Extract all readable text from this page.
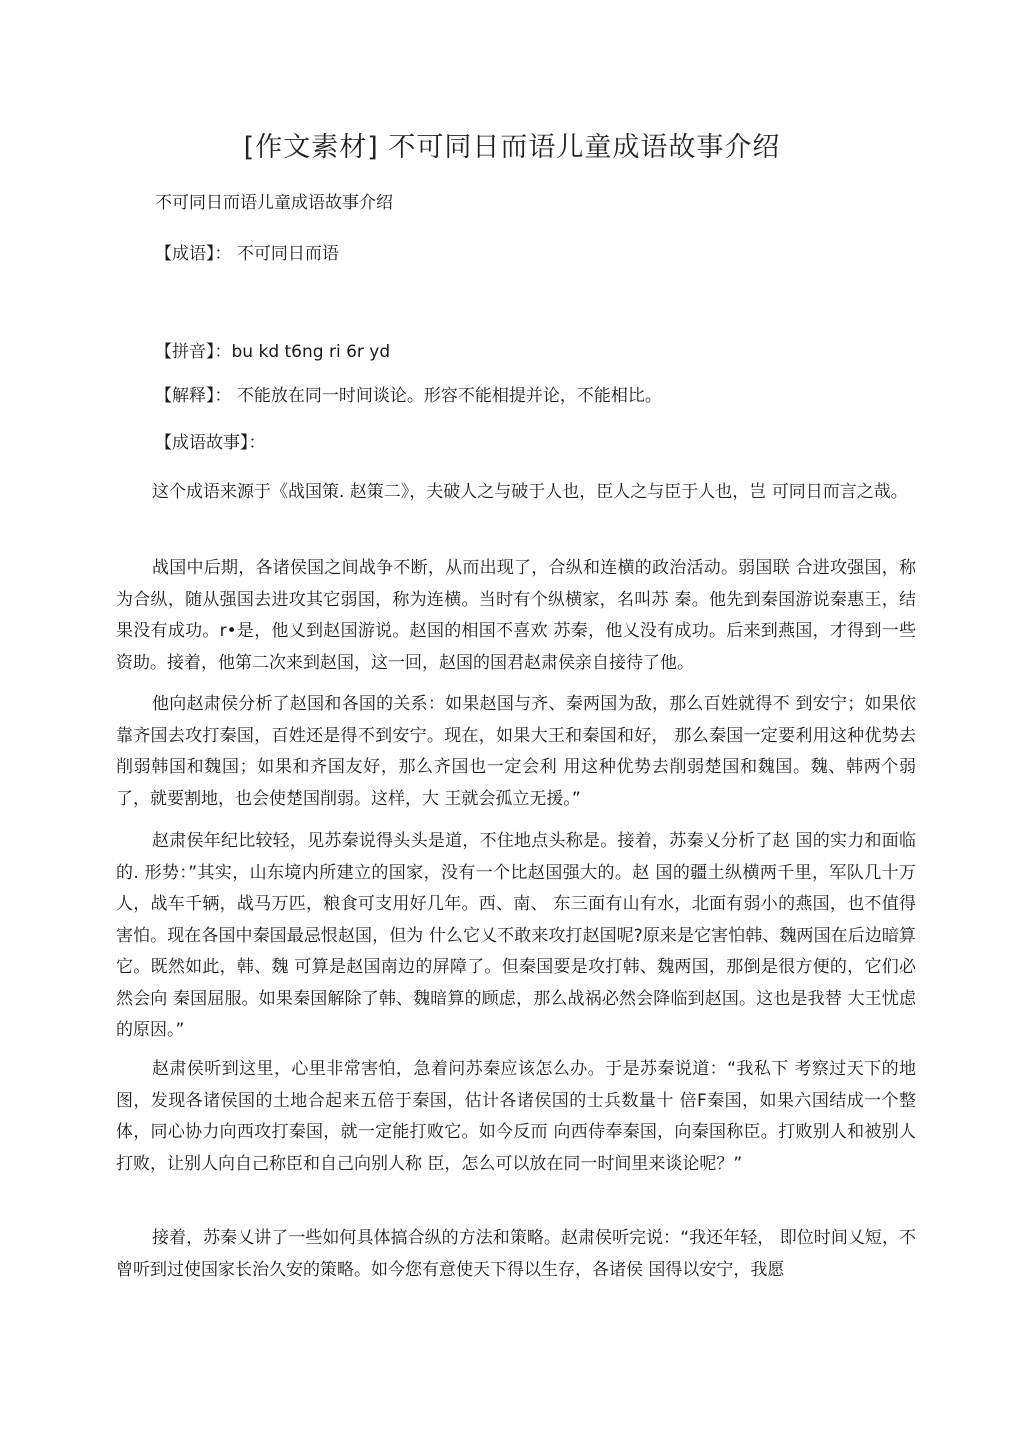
[作文素材] 不可同日而语儿童成语故事介绍
不可同日而语儿童成语故事介绍
【成语】： 不可同日而语
【拼音】：bu kd t6ng ri 6r yd
【解释】： 不能放在同一时间谈论。形容不能相提并论，不能相比。
【成语故事】：
这个成语来源于《战国策. 赵策二》，夫破人之与破于人也，臣人之与臣于人也，岂 可同日而言之哉。
战国中后期，各诸侯国之间战争不断，从而出现了，合纵和连横的政治活动。弱国联 合进攻强国，称为合纵，随从强国去进攻其它弱国，称为连横。当时有个纵横家，名叫苏 秦。他先到秦国游说秦惠王，结果没有成功。r•是，他乂到赵国游说。赵国的相国不喜欢 苏秦，他乂没有成功。后来到燕国，才得到一些资助。接着，他第二次来到赵国，这一回，赵国的国君赵肃侯亲自接待了他。
他向赵肃侯分析了赵国和各国的关系：如果赵国与齐、秦两国为敌，那么百姓就得不 到安宁；如果依靠齐国去攻打秦国，百姓还是得不到安宁。现在，如果大王和秦国和好， 那么秦国一定要利用这种优势去削弱韩国和魏国；如果和齐国友好，那么齐国也一定会利 用这种优势去削弱楚国和魏国。魏、韩两个弱了，就要割地，也会使楚国削弱。这样，大 王就会孤立无援。”
赵肃侯年纪比较轻，见苏秦说得头头是道，不住地点头称是。接着，苏秦乂分析了赵 国的实力和面临的. 形势：”其实，山东境内所建立的国家，没有一个比赵国强大的。赵 国的疆土纵横两千里，军队几十万人，战车千辆，战马万匹，粮食可支用好几年。西、南、 东三面有山有水，北面有弱小的燕国，也不值得害怕。现在各国中秦国最忌恨赵国，但为 什么它乂不敢来攻打赵国呢?原来是它害怕韩、魏两国在后边暗算它。既然如此，韩、魏 可算是赵国南边的屏障了。但秦国要是攻打韩、魏两国，那倒是很方便的，它们必然会向 秦国屈服。如果秦国解除了韩、魏暗算的顾虑，那么战祸必然会降临到赵国。这也是我替 大王忧虑的原因。”
赵肃侯听到这里，心里非常害怕，急着问苏秦应该怎么办。于是苏秦说道：“我私下 考察过天下的地图，发现各诸侯国的土地合起来五倍于秦国，估计各诸侯国的士兵数量十 倍F秦国，如果六国结成一个整体，同心协力向西攻打秦国，就一定能打败它。如今反而 向西侍奉秦国，向秦国称臣。打败别人和被别人打败，让别人向自己称臣和自己向别人称 臣，怎么可以放在同一时间里来谈论呢？”
接着，苏秦乂讲了一些如何具体搞合纵的方法和策略。赵肃侯听完说：“我还年轻， 即位时间乂短，不曾听到过使国家长治久安的策略。如今您有意使天下得以生存，各诸侯 国得以安宁，我愿
